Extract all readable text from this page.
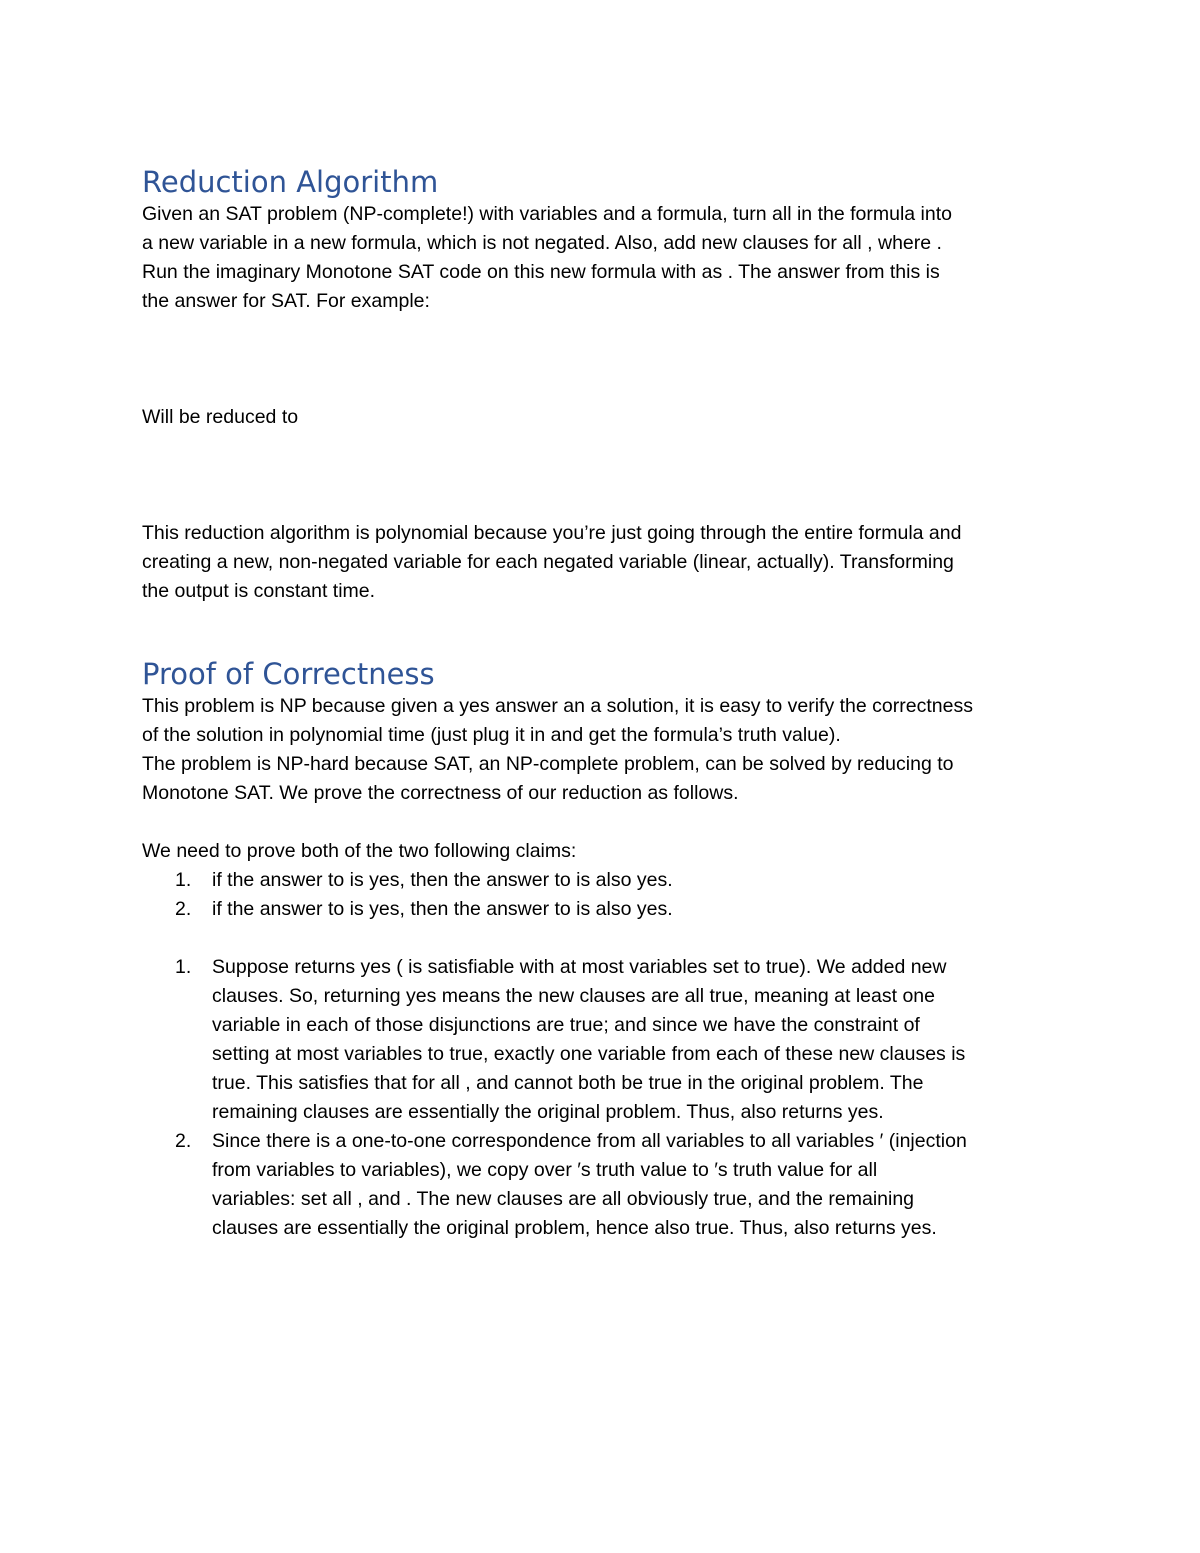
Reduction Algorithm
Given an SAT problem (NP-complete!) with variables and a formula, turn all in the formula into
a new variable in a new formula, which is not negated. Also, add new clauses for all , where .
Run the imaginary Monotone SAT code on this new formula with as . The answer from this is
the answer for SAT. For example:
Will be reduced to
This reduction algorithm is polynomial because you’re just going through the entire formula and
creating a new, non-negated variable for each negated variable (linear, actually). Transforming
the output is constant time.
Proof of Correctness
This problem is NP because given a yes answer an a solution, it is easy to verify the correctness
of the solution in polynomial time (just plug it in and get the formula’s truth value).
The problem is NP-hard because SAT, an NP-complete problem, can be solved by reducing to
Monotone SAT. We prove the correctness of our reduction as follows.
We need to prove both of the two following claims:
1. if the answer to is yes, then the answer to is also yes.
2. if the answer to is yes, then the answer to is also yes.
1. Suppose returns yes ( is satisfiable with at most variables set to true). We added new
clauses. So, returning yes means the new clauses are all true, meaning at least one
variable in each of those disjunctions are true; and since we have the constraint of
setting at most variables to true, exactly one variable from each of these new clauses is
true. This satisfies that for all , and cannot both be true in the original problem. The
remaining clauses are essentially the original problem. Thus, also returns yes.
2. Since there is a one-to-one correspondence from all variables to all variables ′ (injection
from variables to variables), we copy over ′s truth value to ′s truth value for all
variables: set all , and . The new clauses are all obviously true, and the remaining
clauses are essentially the original problem, hence also true. Thus, also returns yes.
